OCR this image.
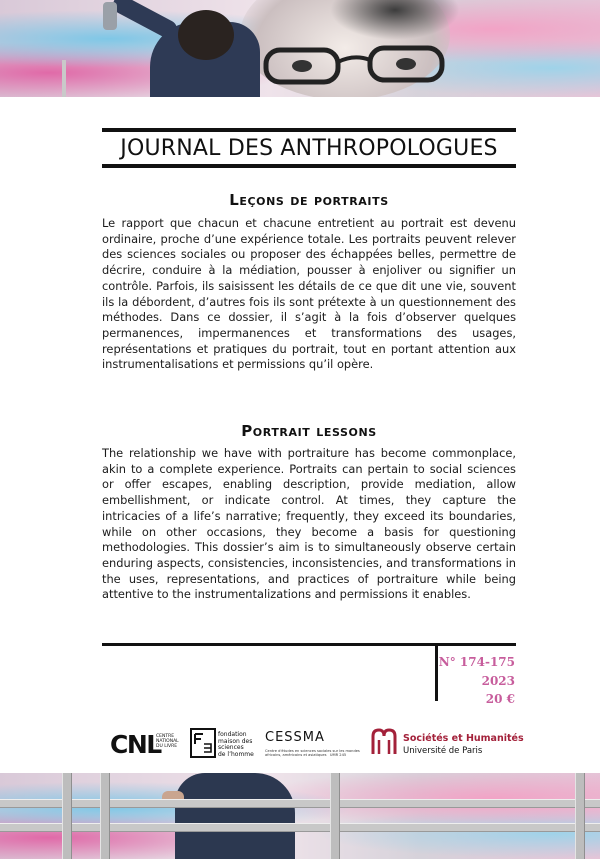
JOURNAL DES ANTHROPOLOGUES
Leçons de portraits

Le rapport que chacun et chacune entretient au portrait est devenu ordinaire, proche d’une expérience totale. Les portraits peuvent relever des sciences sociales ou proposer des échappées belles, permettre de décrire, conduire à la médiation, pousser à enjoliver ou signifier un contrôle. Parfois, ils saisissent les détails de ce que dit une vie, souvent ils la débordent, d’autres fois ils sont prétexte à un questionnement des méthodes. Dans ce dossier, il s’agit à la fois d’observer quelques permanences, impermanences et transformations des usages, représentations et pratiques du portrait, tout en portant attention aux instrumentalisations et permissions qu’il opère.

Portrait lessons

The relationship we have with portraiture has become commonplace, akin to a complete experience. Portraits can pertain to social sciences or offer escapes, enabling description, provide mediation, allow embellishment, or indicate control. At times, they capture the intricacies of a life’s narrative; frequently, they exceed its boundaries, while on other occasions, they become a basis for questioning methodologies. This dossier’s aim is to simultaneously observe certain enduring aspects, consistencies, inconsistencies, and transformations in the uses, representations, and practices of portraiture while being attentive to the instrumentalizations and permissions it enables.

N° 174-175
2023
20 €
CNL
CENTRE
NATIONAL
DU LIVRE
fondation
maison des
sciences
de l’homme
CESSMA
Centre d'études en sciences sociales sur les mondes
africains, américains et asiatiques   UMR 245
Sociétés et Humanités
Université de Paris
